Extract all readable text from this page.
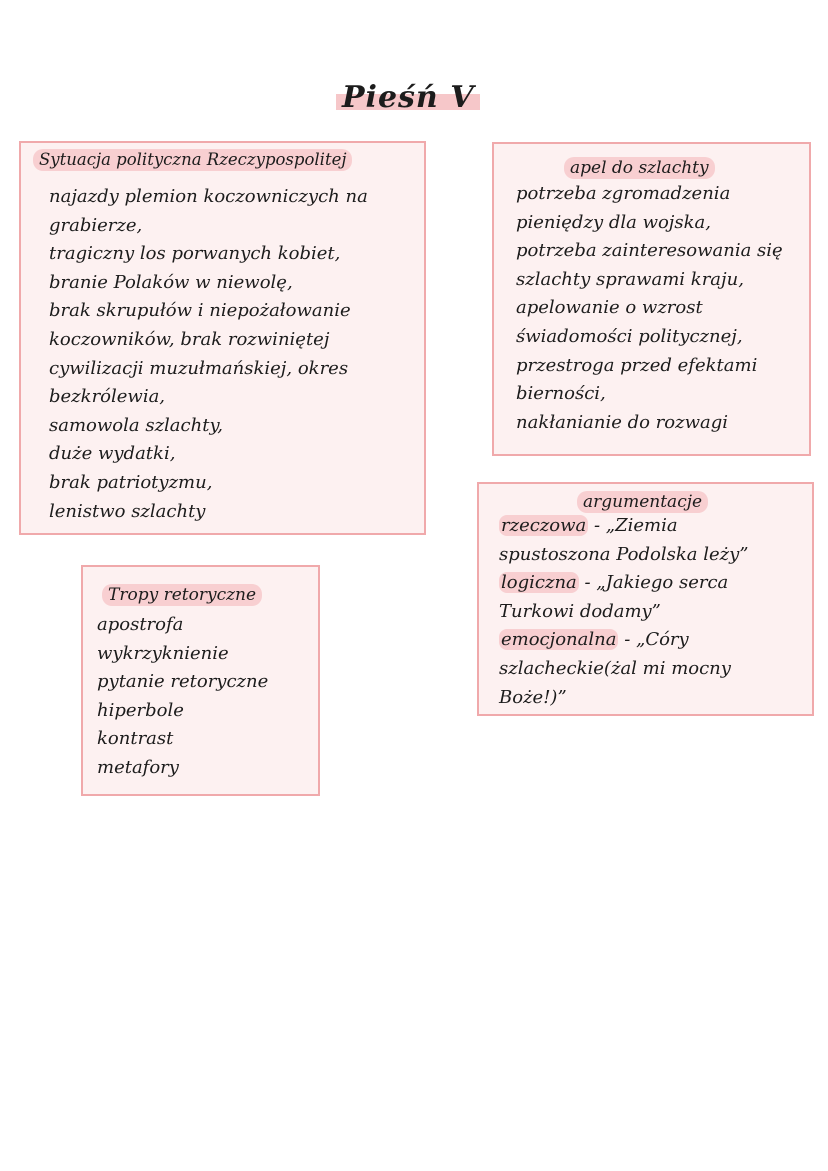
Pieśń V
Sytuacja polityczna Rzeczypospolitej
najazdy plemion koczowniczych na
grabierze,
tragiczny los porwanych kobiet,
branie Polaków w niewolę,
brak skrupułów i niepożałowanie
koczowników, brak rozwiniętej
cywilizacji muzułmańskiej, okres
bezkrólewia,
samowola szlachty,
duże wydatki,
brak patriotyzmu,
lenistwo szlachty
apel do szlachty
potrzeba zgromadzenia
pieniędzy dla wojska,
potrzeba zainteresowania się
szlachty sprawami kraju,
apelowanie o wzrost
świadomości politycznej,
przestroga przed efektami
bierności,
nakłanianie do rozwagi
argumentacje
rzeczowa - „Ziemia
spustoszona Podolska leży”
logiczna - „Jakiego serca
Turkowi dodamy”
emocjonalna - „Córy
szlacheckie(żal mi mocny
Boże!)”
Tropy retoryczne
apostrofa
wykrzyknienie
pytanie retoryczne
hiperbole
kontrast
metafory
